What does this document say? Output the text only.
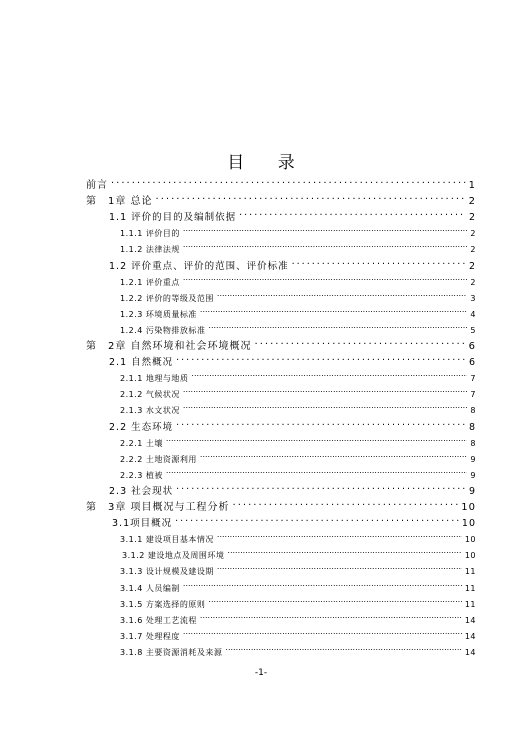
目 录
前言 .....	1
第　1章 总论 .....	2
1.1 评价的目的及编制依据 .....	2
1.1.1 评价目的 .....	2
1.1.2 法律法规 .....	2
1.2 评价重点、评价的范围、评价标准 .....	2
1.2.1 评价重点 .....	2
1.2.2 评价的等级及范围 .....	3
1.2.3 环境质量标准 .....	4
1.2.4 污染物排放标准 .....	5
第　2章 自然环境和社会环境概况 .....	6
2.1 自然概况 .....	6
2.1.1 地理与地质 .....	7
2.1.2 气候状况 .....	7
2.1.3 水文状况 .....	8
2.2 生态环境 .....	8
2.2.1 土壤 .....	8
2.2.2 土地资源利用 .....	9
2.2.3 植被 .....	9
2.3 社会现状 .....	9
第　3章 项目概况与工程分析 .....	10
3.1项目概况 .....	10
3.1.1 建设项目基本情况 .....	10
3.1.2 建设地点及周围环境 .....	10
3.1.3 设计规模及建设期 .....	11
3.1.4 人员编制 .....	11
3.1.5 方案选择的原则 .....	11
3.1.6 处理工艺流程 .....	14
3.1.7 处理程度 .....	14
3.1.8 主要资源消耗及来源 .....	14
-1-
